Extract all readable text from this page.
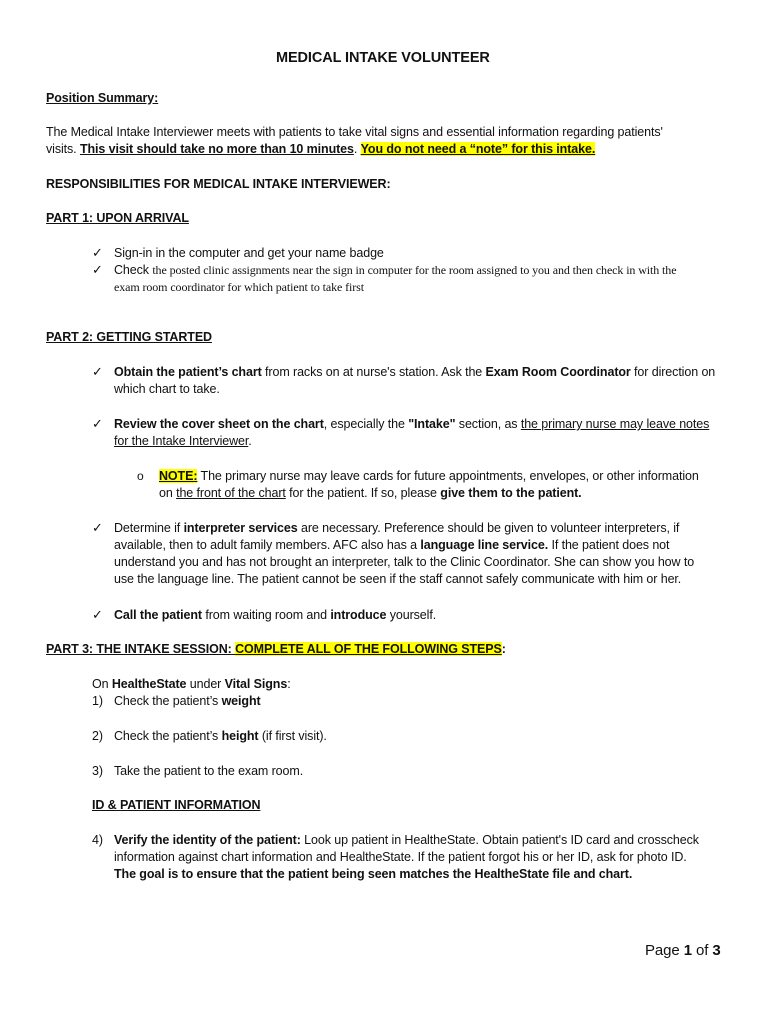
MEDICAL INTAKE VOLUNTEER
Position Summary:
The Medical Intake Interviewer meets with patients to take vital signs and essential information regarding patients'
visits. This visit should take no more than 10 minutes. You do not need a “note” for this intake.
RESPONSIBILITIES FOR MEDICAL INTAKE INTERVIEWER:
PART 1: UPON ARRIVAL
✓ Sign-in in the computer and get your name badge
✓ Check the posted clinic assignments near the sign in computer for the room assigned to you and then check in with the
exam room coordinator for which patient to take first
PART 2: GETTING STARTED
✓ Obtain the patient’s chart from racks on at nurse's station. Ask the Exam Room Coordinator for direction on
which chart to take.
✓ Review the cover sheet on the chart, especially the "Intake" section, as the primary nurse may leave notes
for the Intake Interviewer.
o NOTE: The primary nurse may leave cards for future appointments, envelopes, or other information
on the front of the chart for the patient. If so, please give them to the patient.
✓ Determine if interpreter services are necessary. Preference should be given to volunteer interpreters, if
available, then to adult family members. AFC also has a language line service. If the patient does not
understand you and has not brought an interpreter, talk to the Clinic Coordinator. She can show you how to
use the language line. The patient cannot be seen if the staff cannot safely communicate with him or her.
✓ Call the patient from waiting room and introduce yourself.
PART 3: THE INTAKE SESSION: COMPLETE ALL OF THE FOLLOWING STEPS:
On HealtheState under Vital Signs:
1) Check the patient’s weight
2) Check the patient’s height (if first visit).
3) Take the patient to the exam room.
ID & PATIENT INFORMATION
4) Verify the identity of the patient: Look up patient in HealtheState. Obtain patient's ID card and crosscheck
information against chart information and HealtheState. If the patient forgot his or her ID, ask for photo ID.
The goal is to ensure that the patient being seen matches the HealtheState file and chart.
Page 1 of 3
